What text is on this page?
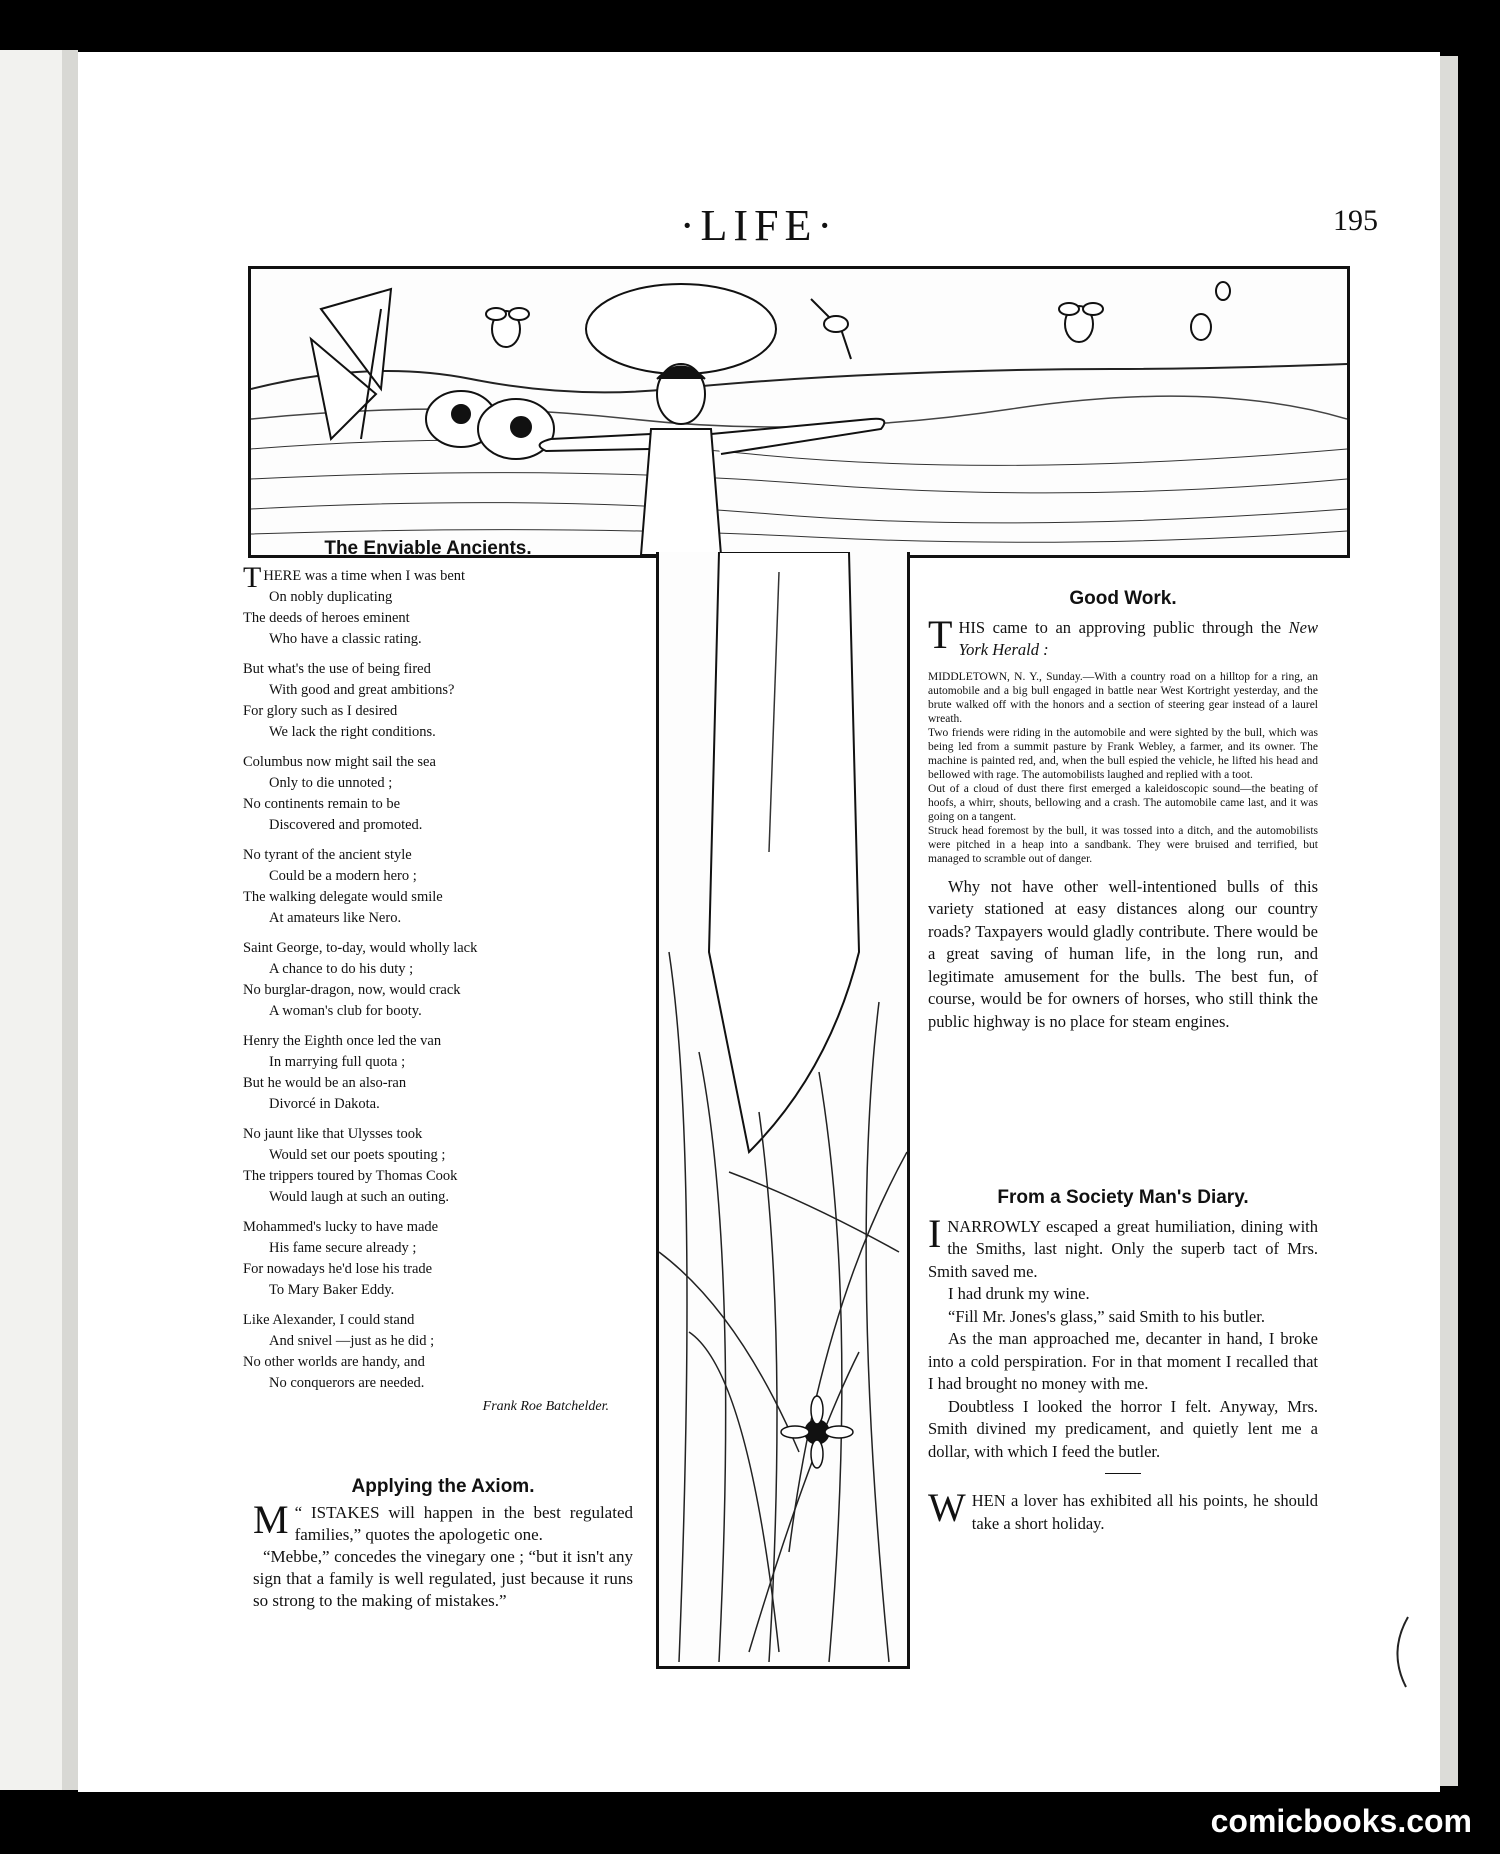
·LIFE·	195
The Enviable Ancients.

THERE was a time when I was bent

On nobly duplicating

The deeds of heroes eminent

Who have a classic rating.

But what's the use of being fired

With good and great ambitions?

For glory such as I desired

We lack the right conditions.

Columbus now might sail the sea

Only to die unnoted ;

No continents remain to be

Discovered and promoted.

No tyrant of the ancient style

Could be a modern hero ;

The walking delegate would smile

At amateurs like Nero.

Saint George, to-day, would wholly lack

A chance to do his duty ;

No burglar-dragon, now, would crack

A woman's club for booty.

Henry the Eighth once led the van

In marrying full quota ;

But he would be an also-ran

Divorcé in Dakota.

No jaunt like that Ulysses took

Would set our poets spouting ;

The trippers toured by Thomas Cook

Would laugh at such an outing.

Mohammed's lucky to have made

His fame secure already ;

For nowadays he'd lose his trade

To Mary Baker Eddy.

Like Alexander, I could stand

And snivel —just as he did ;

No other worlds are handy, and

No conquerors are needed.

Frank Roe Batchelder.
Applying the Axiom.

“
M ISTAKES will happen in the best regulated families,” quotes the apologetic one.

“Mebbe,” concedes the vinegary one ; “but it isn't any sign that a family is well regulated, just because it runs so strong to the making of mistakes.”

Good Work.

THIS came to an approving public through the New York Herald :

MIDDLETOWN, N. Y., Sunday.—With a country road on a hilltop for a ring, an automobile and a big bull engaged in battle near West Kortright yesterday, and the brute walked off with the honors and a section of steering gear instead of a laurel wreath.

Two friends were riding in the automobile and were sighted by the bull, which was being led from a summit pasture by Frank Webley, a farmer, and its owner. The machine is painted red, and, when the bull espied the vehicle, he lifted his head and bellowed with rage. The automobilists laughed and replied with a toot.

Out of a cloud of dust there first emerged a kaleidoscopic sound—the beating of hoofs, a whirr, shouts, bellowing and a crash. The automobile came last, and it was going on a tangent.

Struck head foremost by the bull, it was tossed into a ditch, and the automobilists were pitched in a heap into a sandbank. They were bruised and terrified, but managed to scramble out of danger.

Why not have other well-intentioned bulls of this variety stationed at easy distances along our country roads? Taxpayers would gladly contribute. There would be a great saving of human life, in the long run, and legitimate amusement for the bulls. The best fun, of course, would be for owners of horses, who still think the public highway is no place for steam engines.

From a Society Man's Diary.

INARROWLY escaped a great humiliation, dining with the Smiths, last night. Only the superb tact of Mrs. Smith saved me.

I had drunk my wine.

“Fill Mr. Jones's glass,” said Smith to his butler.

As the man approached me, decanter in hand, I broke into a cold perspiration. For in that moment I recalled that I had brought no money with me.

Doubtless I looked the horror I felt. Anyway, Mrs. Smith divined my predicament, and quietly lent me a dollar, with which I feed the butler.

WHEN a lover has exhibited all his points, he should take a short holiday.

comicbooks.com
